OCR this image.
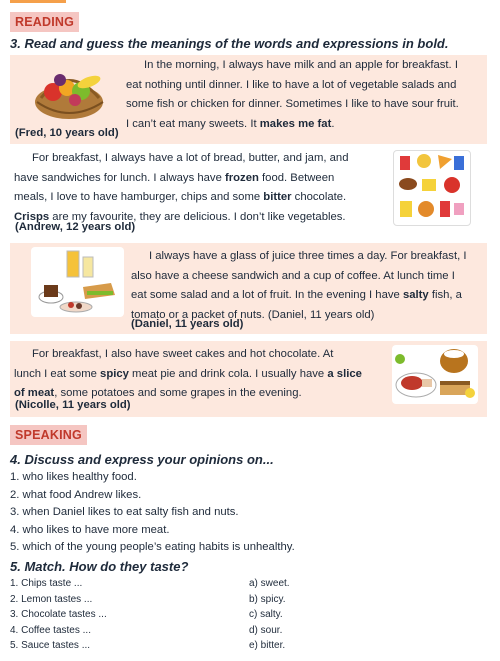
READING
3. Read and guess the meanings of the words and expressions in bold.
In the morning, I always have milk and an apple for breakfast. I
eat nothing until dinner. I like to have a lot of vegetable salads and
some fish or chicken for dinner. Sometimes I like to have sour fruit.
I can’t eat many sweets. It makes me fat.
(Fred, 10 years old)
For breakfast, I always have a lot of bread, butter, and jam, and
have sandwiches for lunch. I always have frozen food. Between
meals, I love to have hamburger, chips and some bitter chocolate.
Crisps are my favourite, they are delicious. I don’t like vegetables.
(Andrew, 12 years old)
I always have a glass of juice three times a day. For breakfast, I
also have a cheese sandwich and a cup of coffee. At lunch time I
eat some salad and a lot of fruit. In the evening I have salty fish, a
tomato or a packet of nuts. (Daniel, 11 years old)
(Daniel, 11 years old)
For breakfast, I also have sweet cakes and hot chocolate. At
lunch I eat some spicy meat pie and drink cola. I usually have a slice
of meat, some potatoes and some grapes in the evening.
(Nicolle, 11 years old)
SPEAKING
4. Discuss and express your opinions on...
1. who likes healthy food.
2. what food Andrew likes.
3. when Daniel likes to eat salty fish and nuts.
4. who likes to have more meat.
5. which of the young people’s eating habits is unhealthy.
5. Match. How do they taste?
1. Chips taste ...
2. Lemon tastes ...
3. Chocolate tastes ...
4. Coffee tastes ...
5. Sauce tastes ...
a) sweet.
b) spicy.
c) salty.
d) sour.
e) bitter.
